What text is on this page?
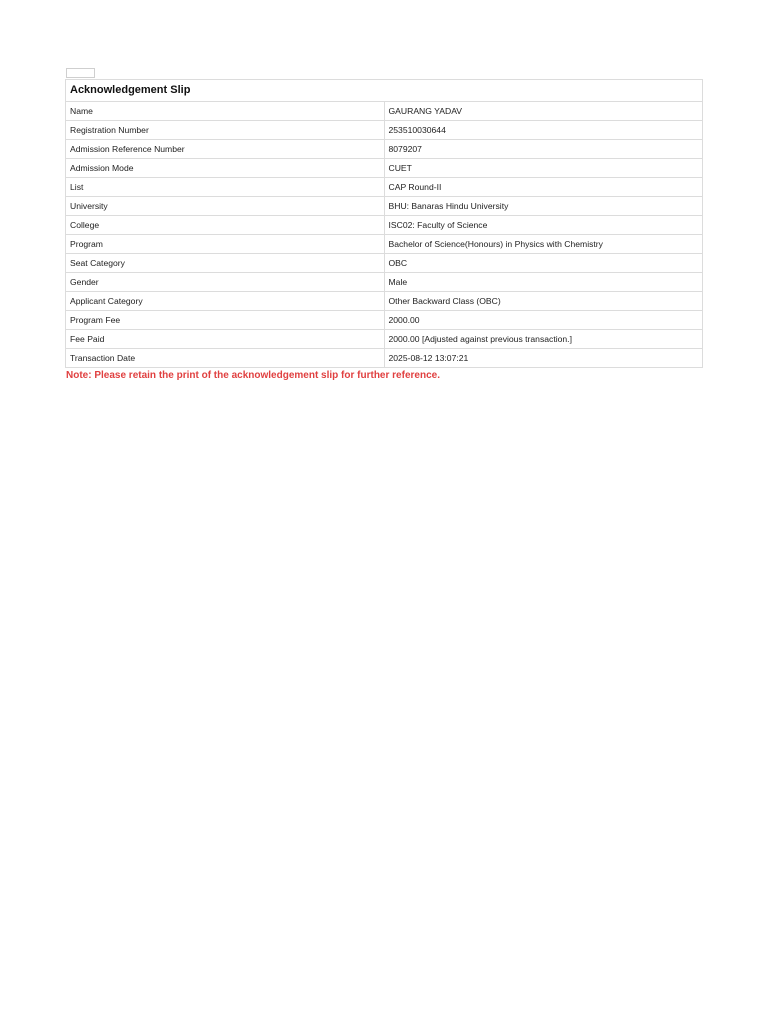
Acknowledgement Slip	
Name	GAURANG YADAV
Registration Number	253510030644
Admission Reference Number	8079207
Admission Mode	CUET
List	CAP Round-II
University	BHU: Banaras Hindu University
College	ISC02: Faculty of Science
Program	Bachelor of Science(Honours) in Physics with Chemistry
Seat Category	OBC
Gender	Male
Applicant Category	Other Backward Class (OBC)
Program Fee	2000.00
Fee Paid	2000.00 [Adjusted against previous transaction.]
Transaction Date	2025-08-12 13:07:21
Note: Please retain the print of the acknowledgement slip for further reference.
